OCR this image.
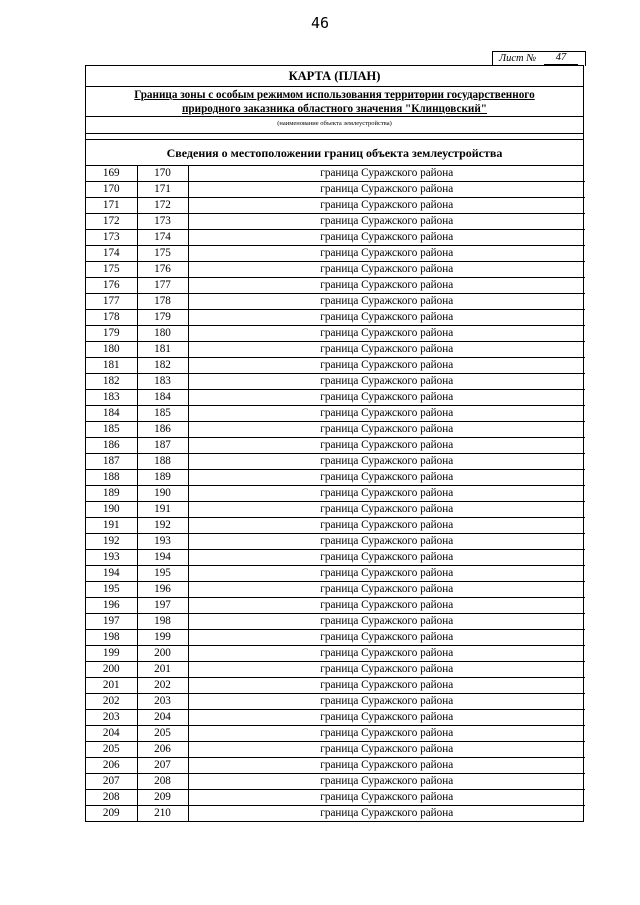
46
Лист №	47
КАРТА (ПЛАН)
Граница зоны с особым режимом использования территории государственного природного заказника областного значения "Клинцовский"
(наименование объекта землеустройства)
Сведения о местоположении границ объекта землеустройства
169	170	граница Суражского района
170	171	граница Суражского района
171	172	граница Суражского района
172	173	граница Суражского района
173	174	граница Суражского района
174	175	граница Суражского района
175	176	граница Суражского района
176	177	граница Суражского района
177	178	граница Суражского района
178	179	граница Суражского района
179	180	граница Суражского района
180	181	граница Суражского района
181	182	граница Суражского района
182	183	граница Суражского района
183	184	граница Суражского района
184	185	граница Суражского района
185	186	граница Суражского района
186	187	граница Суражского района
187	188	граница Суражского района
188	189	граница Суражского района
189	190	граница Суражского района
190	191	граница Суражского района
191	192	граница Суражского района
192	193	граница Суражского района
193	194	граница Суражского района
194	195	граница Суражского района
195	196	граница Суражского района
196	197	граница Суражского района
197	198	граница Суражского района
198	199	граница Суражского района
199	200	граница Суражского района
200	201	граница Суражского района
201	202	граница Суражского района
202	203	граница Суражского района
203	204	граница Суражского района
204	205	граница Суражского района
205	206	граница Суражского района
206	207	граница Суражского района
207	208	граница Суражского района
208	209	граница Суражского района
209	210	граница Суражского района
